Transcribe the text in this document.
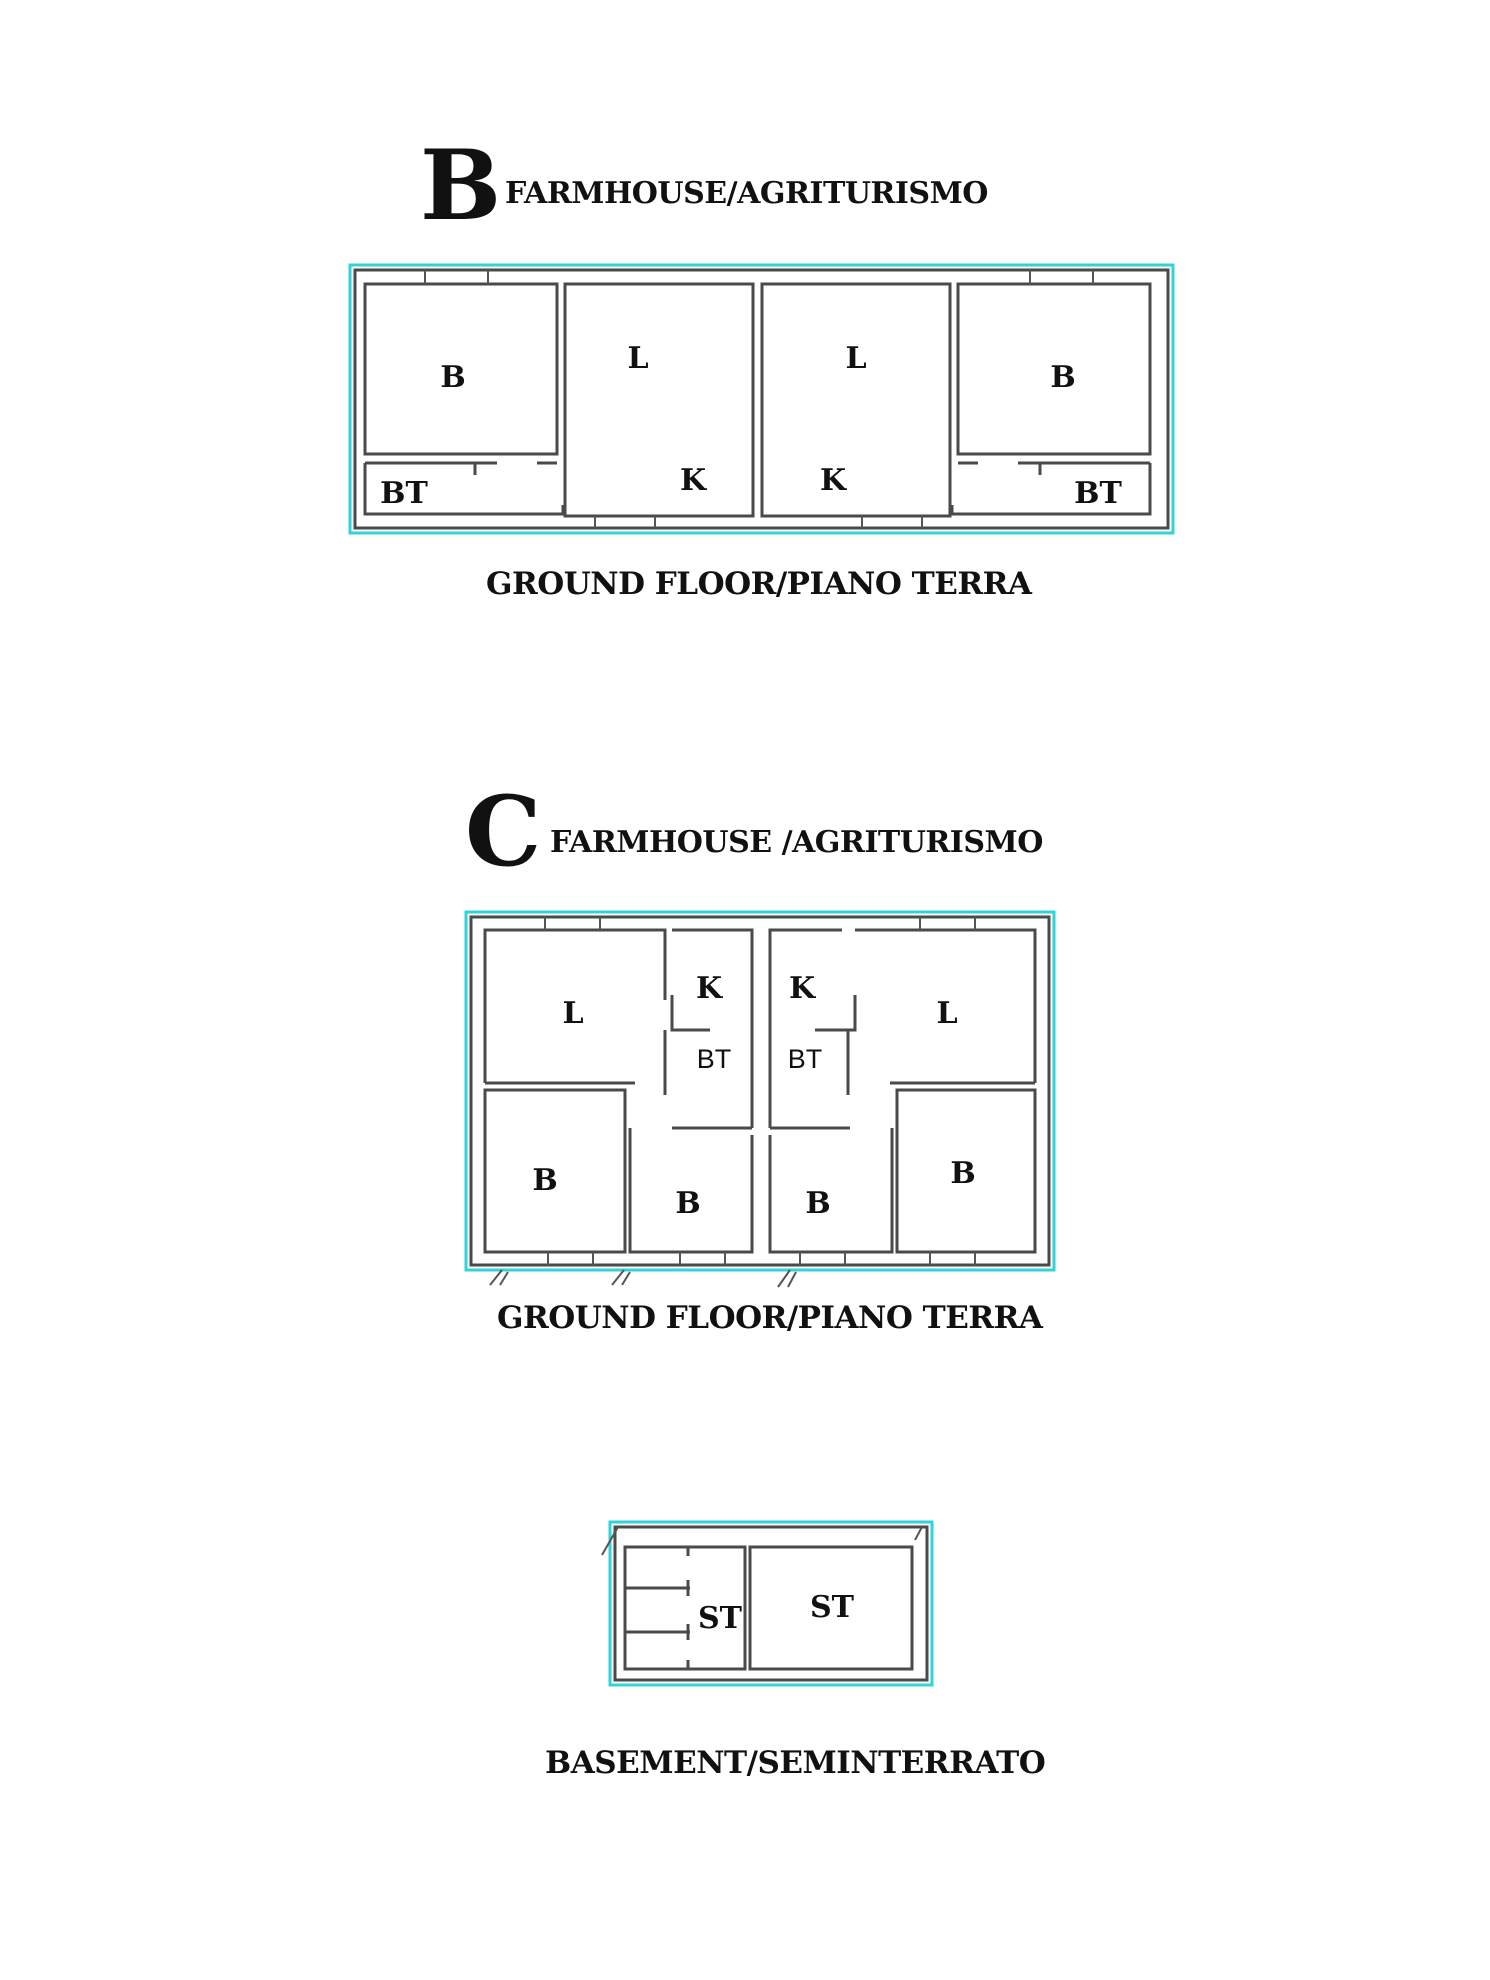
B FARMHOUSE/AGRITURISMO
C FARMHOUSE /AGRITURISMO
B
L	L
B
BT	K	K	BT
L
K K
L
BT BT
B
B	B
B
ST ST
GROUND FLOOR/PIANO TERRA
GROUND FLOOR/PIANO TERRA
BASEMENT/SEMINTERRATO
